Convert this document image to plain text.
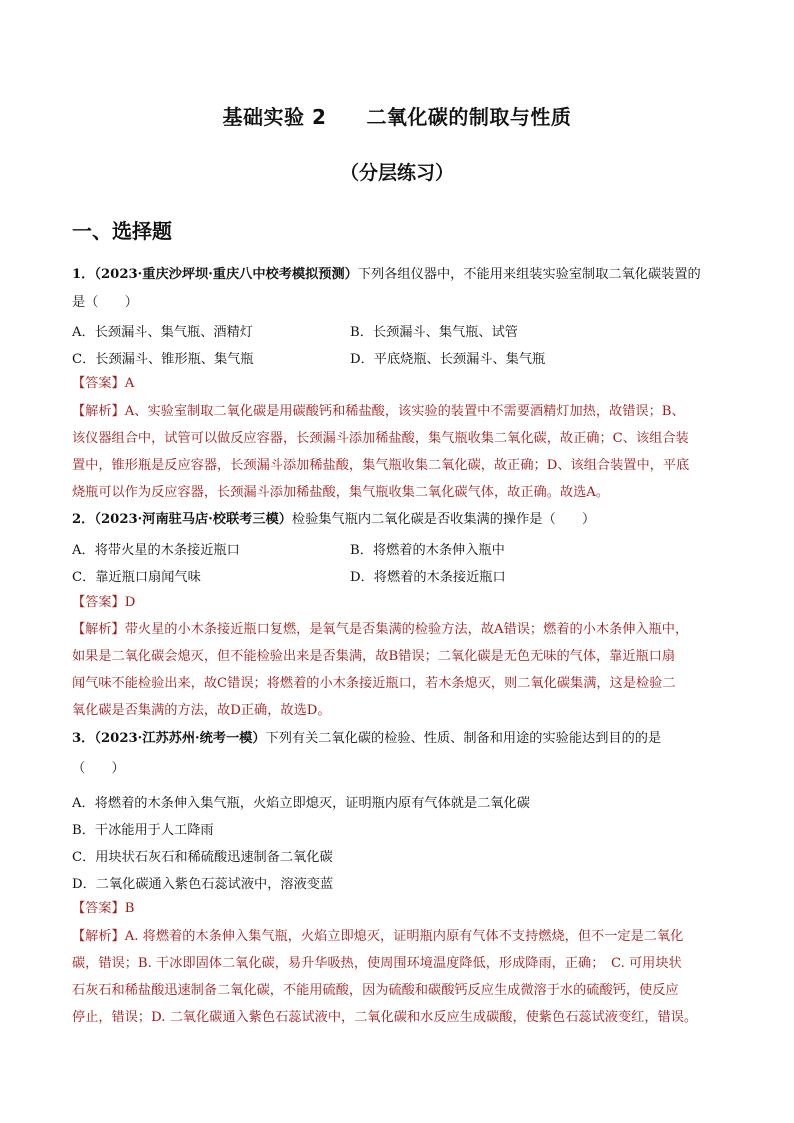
基础实验 2 二氧化碳的制取与性质
（分层练习）
一、选择题
1．（2023·重庆沙坪坝·重庆八中校考模拟预测）下列各组仪器中，不能用来组装实验室制取二氧化碳装置的
是（　　）
A．长颈漏斗、集气瓶、酒精灯	B．长颈漏斗、集气瓶、试管
C．长颈漏斗、锥形瓶、集气瓶	D．平底烧瓶、长颈漏斗、集气瓶
【答案】A
【解析】A、实验室制取二氧化碳是用碳酸钙和稀盐酸，该实验的装置中不需要酒精灯加热，故错误；B、
该仪器组合中，试管可以做反应容器，长颈漏斗添加稀盐酸，集气瓶收集二氧化碳，故正确；C、该组合装
置中，锥形瓶是反应容器，长颈漏斗添加稀盐酸，集气瓶收集二氧化碳，故正确；D、该组合装置中，平底
烧瓶可以作为反应容器，长颈漏斗添加稀盐酸，集气瓶收集二氧化碳气体，故正确。故选A。
2．（2023·河南驻马店·校联考三模）检验集气瓶内二氧化碳是否收集满的操作是（　　）
A．将带火星的木条接近瓶口	B．将燃着的木条伸入瓶中
C．靠近瓶口扇闻气味	D．将燃着的木条接近瓶口
【答案】D
【解析】带火星的小木条接近瓶口复燃，是氧气是否集满的检验方法，故A错误；燃着的小木条伸入瓶中，
如果是二氧化碳会熄灭，但不能检验出来是否集满，故B错误；二氧化碳是无色无味的气体，靠近瓶口扇
闻气味不能检验出来，故C错误；将燃着的小木条接近瓶口，若木条熄灭，则二氧化碳集满，这是检验二
氧化碳是否集满的方法，故D正确，故选D。
3．（2023·江苏苏州·统考一模）下列有关二氧化碳的检验、性质、制备和用途的实验能达到目的的是
（　　）
A．将燃着的木条伸入集气瓶，火焰立即熄灭，证明瓶内原有气体就是二氧化碳
B．干冰能用于人工降雨
C．用块状石灰石和稀硫酸迅速制备二氧化碳
D．二氧化碳通入紫色石蕊试液中，溶液变蓝
【答案】B
【解析】A. 将燃着的木条伸入集气瓶，火焰立即熄灭，证明瓶内原有气体不支持燃烧，但不一定是二氧化
碳，错误；B. 干冰即固体二氧化碳，易升华吸热，使周围环境温度降低，形成降雨，正确；　C. 可用块状
石灰石和稀盐酸迅速制备二氧化碳，不能用硫酸，因为硫酸和碳酸钙反应生成微溶于水的硫酸钙，使反应
停止，错误；D. 二氧化碳通入紫色石蕊试液中，二氧化碳和水反应生成碳酸，使紫色石蕊试液变红，错误。
